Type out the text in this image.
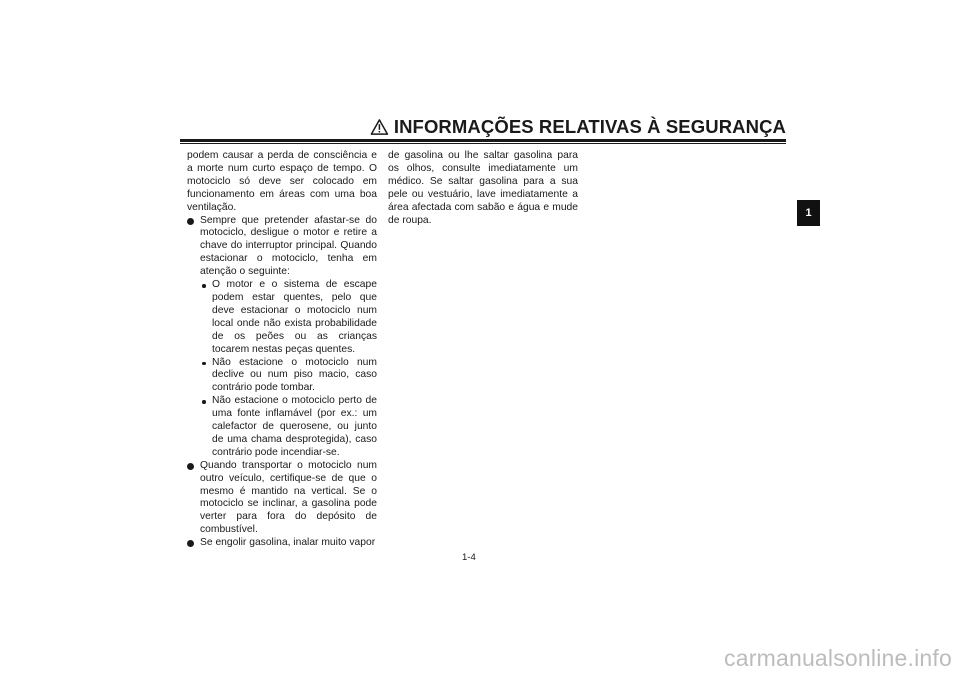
INFORMAÇÕES RELATIVAS À SEGURANÇA
1

podem causar a perda de consciência e a morte num curto espaço de tempo. O motociclo só deve ser colocado em funcionamento em áreas com uma boa ventilação.

Sempre que pretender afastar-se do motociclo, desligue o motor e retire a chave do interruptor principal. Quando estacionar o motociclo, tenha em atenção o seguinte:
O motor e o sistema de escape podem estar quentes, pelo que deve estacionar o motociclo num local onde não exista probabilidade de os peões ou as crianças tocarem nestas peças quentes.
Não estacione o motociclo num declive ou num piso macio, caso contrário pode tombar.
Não estacione o motociclo perto de uma fonte inflamável (por ex.: um calefactor de querosene, ou junto de uma chama desprotegida), caso contrário pode incendiar-se.
Quando transportar o motociclo num outro veículo, certifique-se de que o mesmo é mantido na vertical. Se o motociclo se inclinar, a gasolina pode verter para fora do depósito de combustível.
Se engolir gasolina, inalar muito vapor

de gasolina ou lhe saltar gasolina para os olhos, consulte imediatamente um médico. Se saltar gasolina para a sua pele ou vestuário, lave imediatamente a área afectada com sabão e água e mude de roupa.

1-4
carmanualsonline.info
